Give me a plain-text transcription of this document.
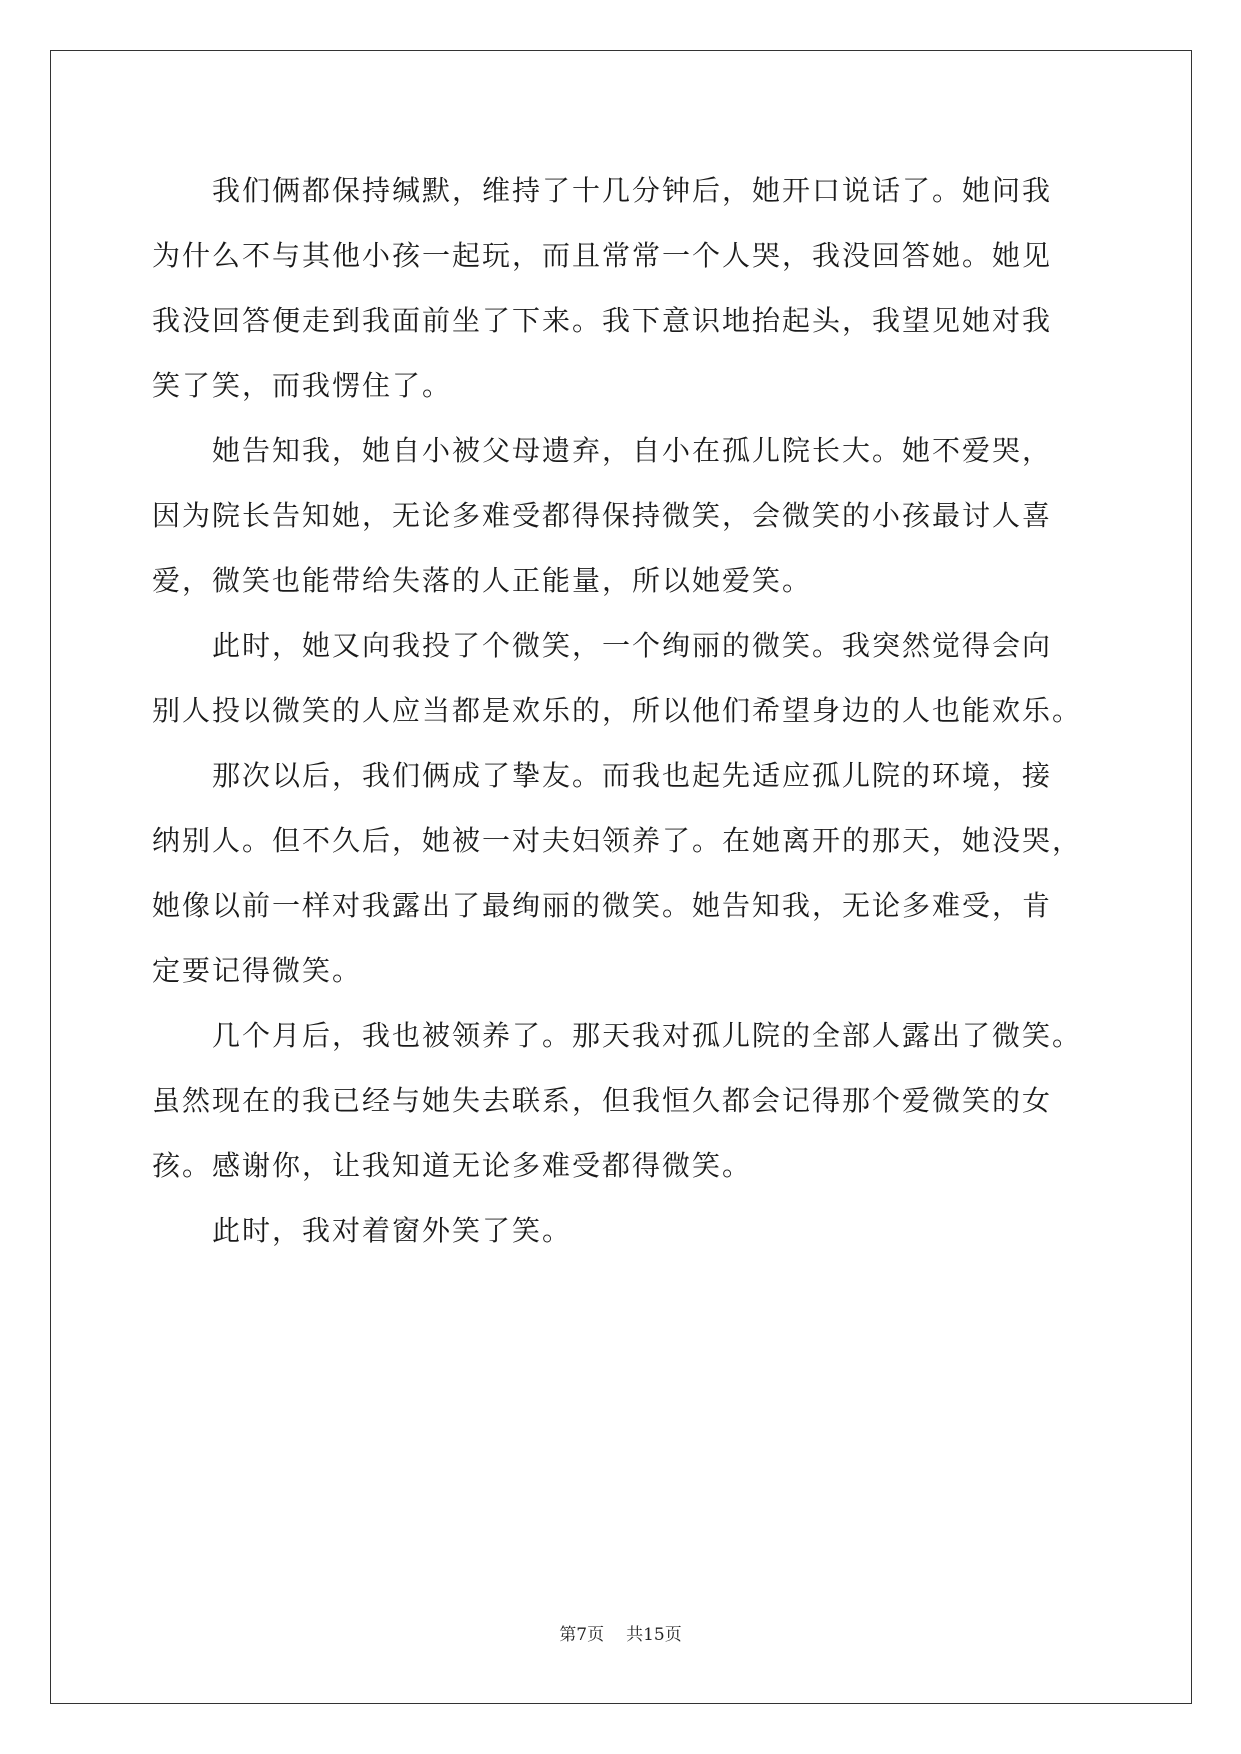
　　我们俩都保持缄默，维持了十几分钟后，她开口说话了。她问我

为什么不与其他小孩一起玩，而且常常一个人哭，我没回答她。她见

我没回答便走到我面前坐了下来。我下意识地抬起头，我望见她对我

笑了笑，而我愣住了。

　　她告知我，她自小被父母遗弃，自小在孤儿院长大。她不爱哭，

因为院长告知她，无论多难受都得保持微笑，会微笑的小孩最讨人喜

爱，微笑也能带给失落的人正能量，所以她爱笑。

　　此时，她又向我投了个微笑，一个绚丽的微笑。我突然觉得会向

别人投以微笑的人应当都是欢乐的，所以他们希望身边的人也能欢乐。

　　那次以后，我们俩成了挚友。而我也起先适应孤儿院的环境，接

纳别人。但不久后，她被一对夫妇领养了。在她离开的那天，她没哭，

她像以前一样对我露出了最绚丽的微笑。她告知我，无论多难受，肯

定要记得微笑。

　　几个月后，我也被领养了。那天我对孤儿院的全部人露出了微笑。

虽然现在的我已经与她失去联系，但我恒久都会记得那个爱微笑的女

孩。感谢你，让我知道无论多难受都得微笑。

　　此时，我对着窗外笑了笑。

第7页 共15页
